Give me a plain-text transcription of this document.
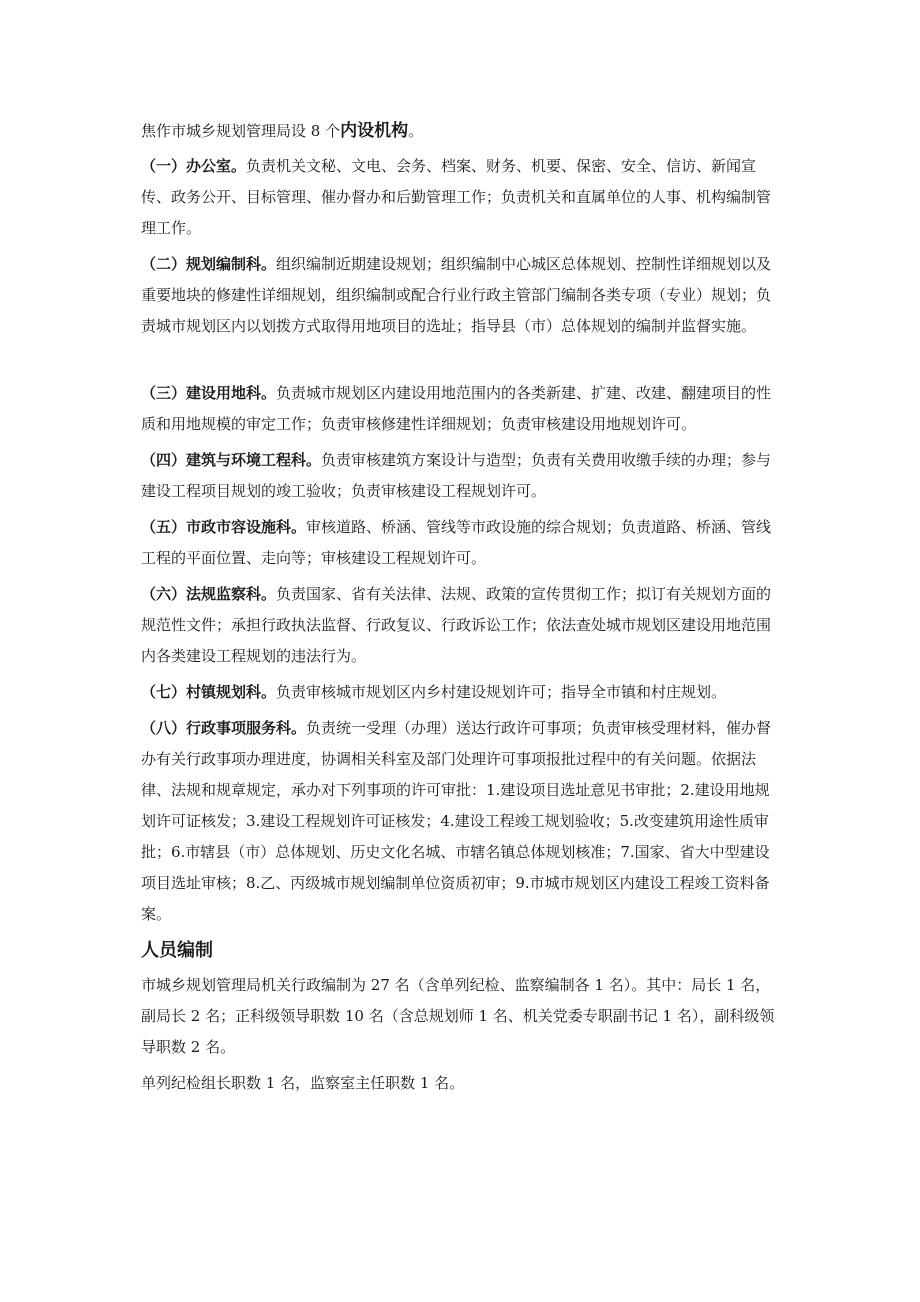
焦作市城乡规划管理局设 8 个内设机构。

（一）办公室。负责机关文秘、文电、会务、档案、财务、机要、保密、安全、信访、新闻宣传、政务公开、目标管理、催办督办和后勤管理工作；负责机关和直属单位的人事、机构编制管理工作。

（二）规划编制科。组织编制近期建设规划；组织编制中心城区总体规划、控制性详细规划以及重要地块的修建性详细规划，组织编制或配合行业行政主管部门编制各类专项（专业）规划；负责城市规划区内以划拨方式取得用地项目的选址；指导县（市）总体规划的编制并监督实施。

（三）建设用地科。负责城市规划区内建设用地范围内的各类新建、扩建、改建、翻建项目的性质和用地规模的审定工作；负责审核修建性详细规划；负责审核建设用地规划许可。

（四）建筑与环境工程科。负责审核建筑方案设计与造型；负责有关费用收缴手续的办理；参与建设工程项目规划的竣工验收；负责审核建设工程规划许可。

（五）市政市容设施科。审核道路、桥涵、管线等市政设施的综合规划；负责道路、桥涵、管线工程的平面位置、走向等；审核建设工程规划许可。

（六）法规监察科。负责国家、省有关法律、法规、政策的宣传贯彻工作；拟订有关规划方面的规范性文件；承担行政执法监督、行政复议、行政诉讼工作；依法查处城市规划区建设用地范围内各类建设工程规划的违法行为。

（七）村镇规划科。负责审核城市规划区内乡村建设规划许可；指导全市镇和村庄规划。

（八）行政事项服务科。负责统一受理（办理）送达行政许可事项；负责审核受理材料，催办督办有关行政事项办理进度，协调相关科室及部门处理许可事项报批过程中的有关问题。依据法律、法规和规章规定，承办对下列事项的许可审批：1.建设项目选址意见书审批；2.建设用地规划许可证核发；3.建设工程规划许可证核发；4.建设工程竣工规划验收；5.改变建筑用途性质审批；6.市辖县（市）总体规划、历史文化名城、市辖名镇总体规划核准；7.国家、省大中型建设项目选址审核；8.乙、丙级城市规划编制单位资质初审；9.市城市规划区内建设工程竣工资料备案。

人员编制

市城乡规划管理局机关行政编制为 27 名（含单列纪检、监察编制各 1 名）。其中：局长 1 名，副局长 2 名；正科级领导职数 10 名（含总规划师 1 名、机关党委专职副书记 1 名），副科级领导职数 2 名。

单列纪检组长职数 1 名，监察室主任职数 1 名。
